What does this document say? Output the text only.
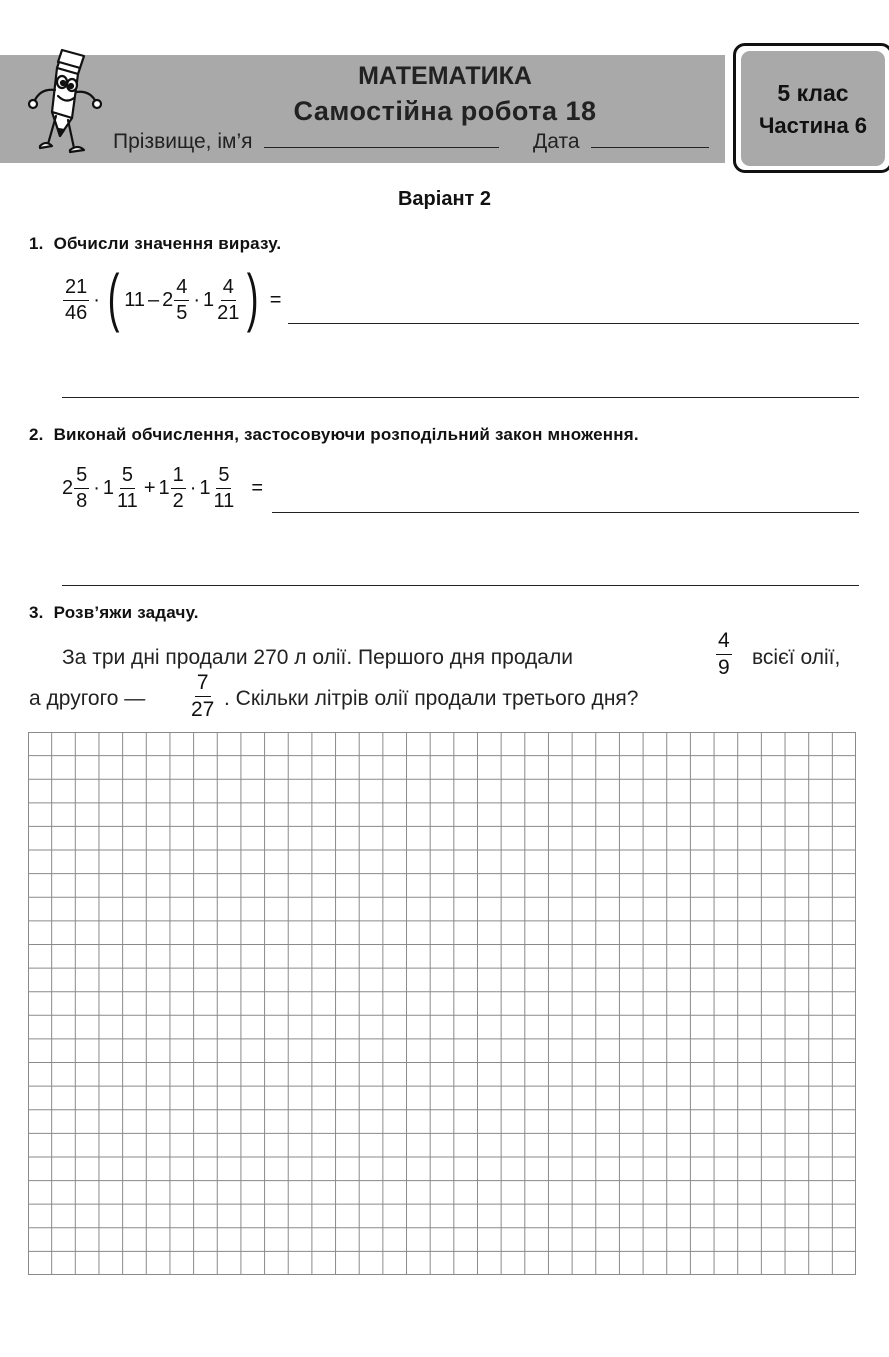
МАТЕМАТИКА
Самостійна робота 18
Прізвище, ім’я	Дата
5 клас
Частина 6
Варіант 2
1. Обчисли значення виразу.
$\frac{21}{46}$ · ( $11 - 2 \frac{4}{5} \cdot 1 \frac{4}{21}$ ) =
2. Виконай обчислення, застосовуючи розподільний закон множення.
$2 \frac{5}{8} \cdot 1 \frac{5}{11} + 1 \frac{1}{2} \cdot 1 \frac{5}{11}$ =
3. Розв’яжи задачу.
За три дні продали 270 л олії. Першого дня продали	$\frac{4}{9}$ всієї олії,
а другого — $\frac{7}{27}$ . Скільки літрів олії продали третього дня?
